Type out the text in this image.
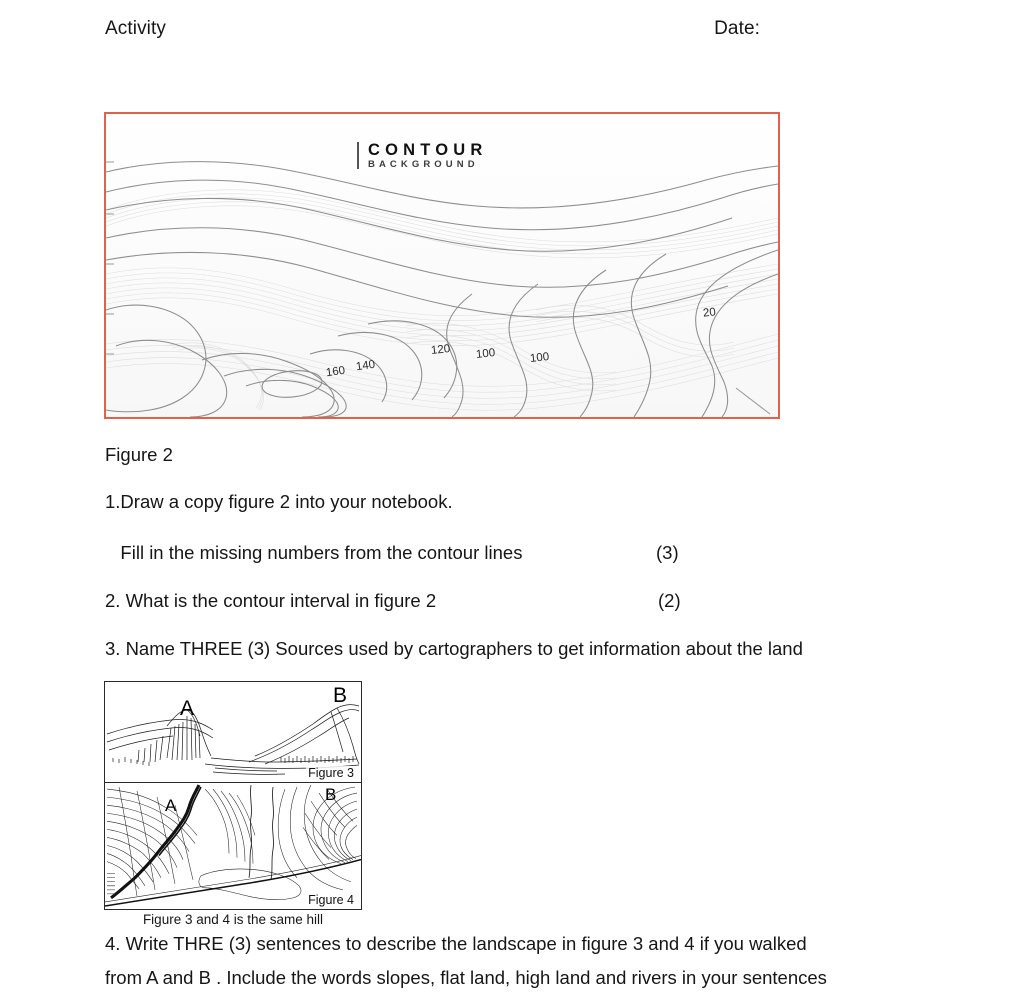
Activity	Date:
CONTOUR
BACKGROUND
160 140
120 100	100
20
Figure 2
1.Draw a copy figure 2 into your notebook.
Fill in the missing numbers from the contour lines	(3)
2. What is the contour interval in figure 2	(2)
3. Name THREE (3) Sources used by cartographers to get information about the land
A
B
Figure 3
A
B
Figure 4
Figure 3 and 4 is the same hill
4. Write THRE (3) sentences to describe the landscape in figure 3 and 4 if you walked
from A and B . Include the words slopes, flat land, high land and rivers in your sentences
